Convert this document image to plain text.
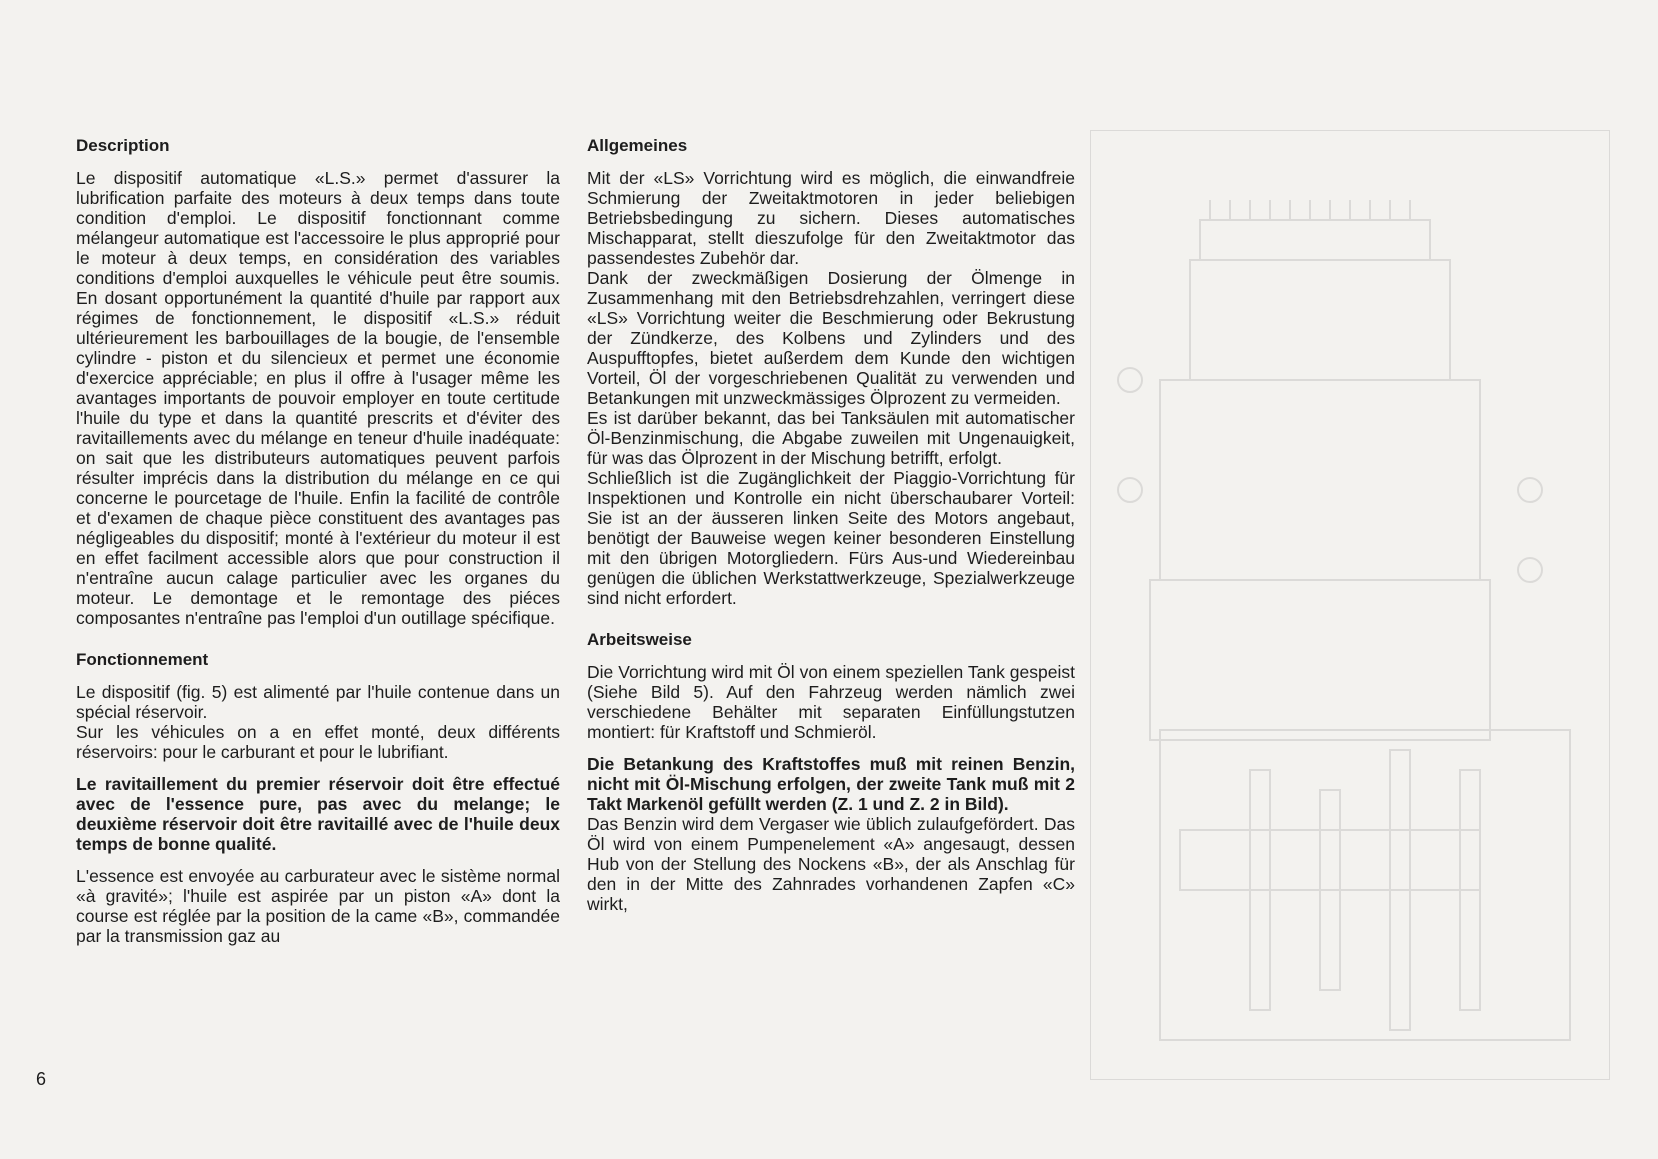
Description

Le dispositif automatique «L.S.» permet d'assurer la lubrification parfaite des moteurs à deux temps dans toute condition d'emploi. Le dispositif fonctionnant comme mélangeur automatique est l'accessoire le plus approprié pour le moteur à deux temps, en considération des variables conditions d'emploi auxquelles le véhicule peut être soumis. En dosant opportunément la quantité d'huile par rapport aux régimes de fonctionnement, le dispositif «L.S.» réduit ultérieurement les barbouillages de la bougie, de l'ensemble cylindre - piston et du silencieux et permet une économie d'exercice appréciable; en plus il offre à l'usager même les avantages importants de pouvoir employer en toute certitude l'huile du type et dans la quantité prescrits et d'éviter des ravitaillements avec du mélange en teneur d'huile inadéquate: on sait que les distributeurs automatiques peuvent parfois résulter imprécis dans la distribution du mélange en ce qui concerne le pourcetage de l'huile. Enfin la facilité de contrôle et d'examen de chaque pièce constituent des avantages pas négligeables du dispositif; monté à l'extérieur du moteur il est en effet facilment accessible alors que pour construction il n'entraîne aucun calage particulier avec les organes du moteur. Le demontage et le remontage des piéces composantes n'entraîne pas l'emploi d'un outillage spécifique.

Fonctionnement

Le dispositif (fig. 5) est alimenté par l'huile contenue dans un spécial réservoir.

Sur les véhicules on a en effet monté, deux différents réservoirs: pour le carburant et pour le lubrifiant.

Le ravitaillement du premier réservoir doit être effectué avec de l'essence pure, pas avec du melange; le deuxième réservoir doit être ravitaillé avec de l'huile deux temps de bonne qualité.

L'essence est envoyée au carburateur avec le sistème normal «à gravité»; l'huile est aspirée par un piston «A» dont la course est réglée par la position de la came «B», commandée par la transmission gaz au

Allgemeines

Mit der «LS» Vorrichtung wird es möglich, die einwandfreie Schmierung der Zweitaktmotoren in jeder beliebigen Betriebsbedingung zu sichern. Dieses automatisches Mischapparat, stellt dieszufolge für den Zweitaktmotor das passendestes Zubehör dar.

Dank der zweckmäßigen Dosierung der Ölmenge in Zusammenhang mit den Betriebsdrehzahlen, verringert diese «LS» Vorrichtung weiter die Beschmierung oder Bekrustung der Zündkerze, des Kolbens und Zylinders und des Auspufftopfes, bietet außerdem dem Kunde den wichtigen Vorteil, Öl der vorgeschriebenen Qualität zu verwenden und Betankungen mit unzweckmässiges Ölprozent zu vermeiden.

Es ist darüber bekannt, das bei Tanksäulen mit automatischer Öl-Benzinmischung, die Abgabe zuweilen mit Ungenauigkeit, für was das Ölprozent in der Mischung betrifft, erfolgt.

Schließlich ist die Zugänglichkeit der Piaggio-Vorrichtung für Inspektionen und Kontrolle ein nicht überschaubarer Vorteil: Sie ist an der äusseren linken Seite des Motors angebaut, benötigt der Bauweise wegen keiner besonderen Einstellung mit den übrigen Motorgliedern. Fürs Aus-und Wiedereinbau genügen die üblichen Werkstattwerkzeuge, Spezialwerkzeuge sind nicht erfordert.

Arbeitsweise

Die Vorrichtung wird mit Öl von einem speziellen Tank gespeist (Siehe Bild 5). Auf den Fahrzeug werden nämlich zwei verschiedene Behälter mit separaten Einfüllungstutzen montiert: für Kraftstoff und Schmieröl.

Die Betankung des Kraftstoffes muß mit reinen Benzin, nicht mit Öl-Mischung erfolgen, der zweite Tank muß mit 2 Takt Markenöl gefüllt werden (Z. 1 und Z. 2 in Bild).

Das Benzin wird dem Vergaser wie üblich zulaufgefördert. Das Öl wird von einem Pumpenelement «A» angesaugt, dessen Hub von der Stellung des Nockens «B», der als Anschlag für den in der Mitte des Zahnrades vorhandenen Zapfen «C» wirkt,

6
